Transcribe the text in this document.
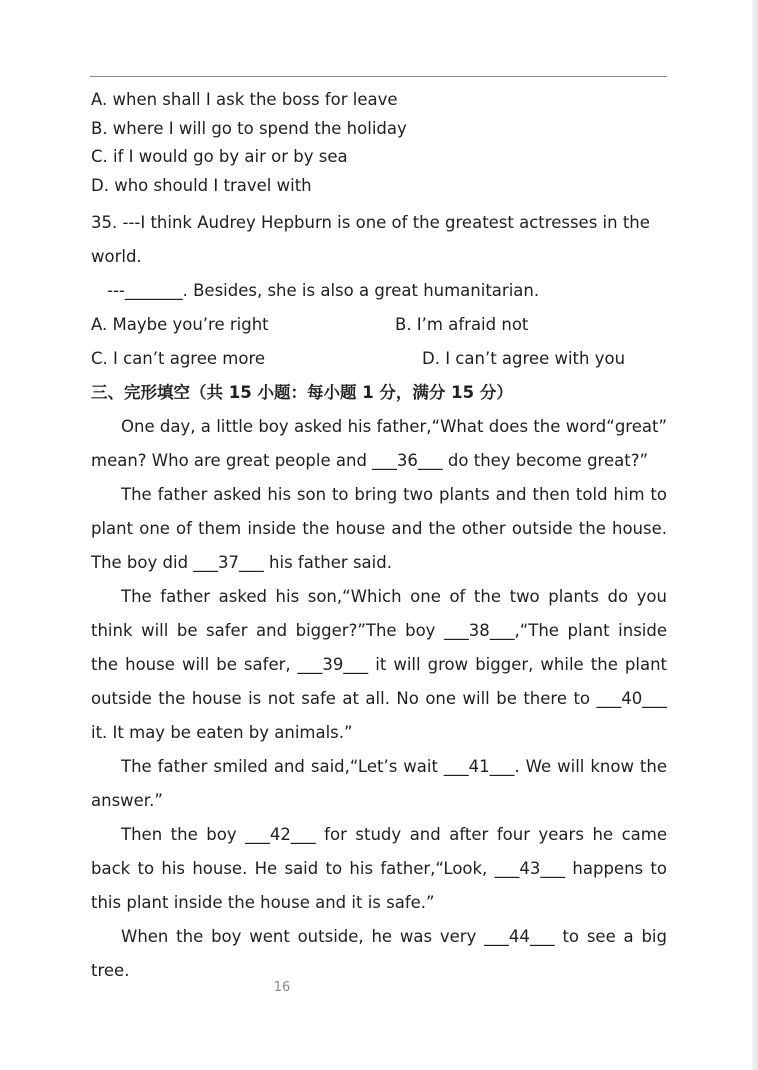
A. when shall I ask the boss for leave
B. where I will go to spend the holiday
C. if I would go by air or by sea
D. who should I travel with
35. ---I think Audrey Hepburn is one of the greatest actresses in the world.
---_______. Besides, she is also a great humanitarian.
A. Maybe you’re right	B. I’m afraid not
C. I can’t agree more	D. I can’t agree with you
三、完形填空（共 15 小题：每小题 1 分，满分 15 分）

One day, a little boy asked his father,“What does the word“great” mean? Who are great people and ___36___ do they become great?”

The father asked his son to bring two plants and then told him to plant one of them inside the house and the other outside the house. The boy did ___37___ his father said.

The father asked his son,“Which one of the two plants do you think will be safer and bigger?”The boy ___38___,“The plant inside the house will be safer, ___39___ it will grow bigger, while the plant outside the house is not safe at all. No one will be there to ___40___ it. It may be eaten by animals.”

The father smiled and said,“Let’s wait ___41___. We will know the answer.”

Then the boy ___42___ for study and after four years he came back to his house. He said to his father,“Look, ___43___ happens to this plant inside the house and it is safe.”

When the boy went outside, he was very ___44___ to see a big tree.

16
